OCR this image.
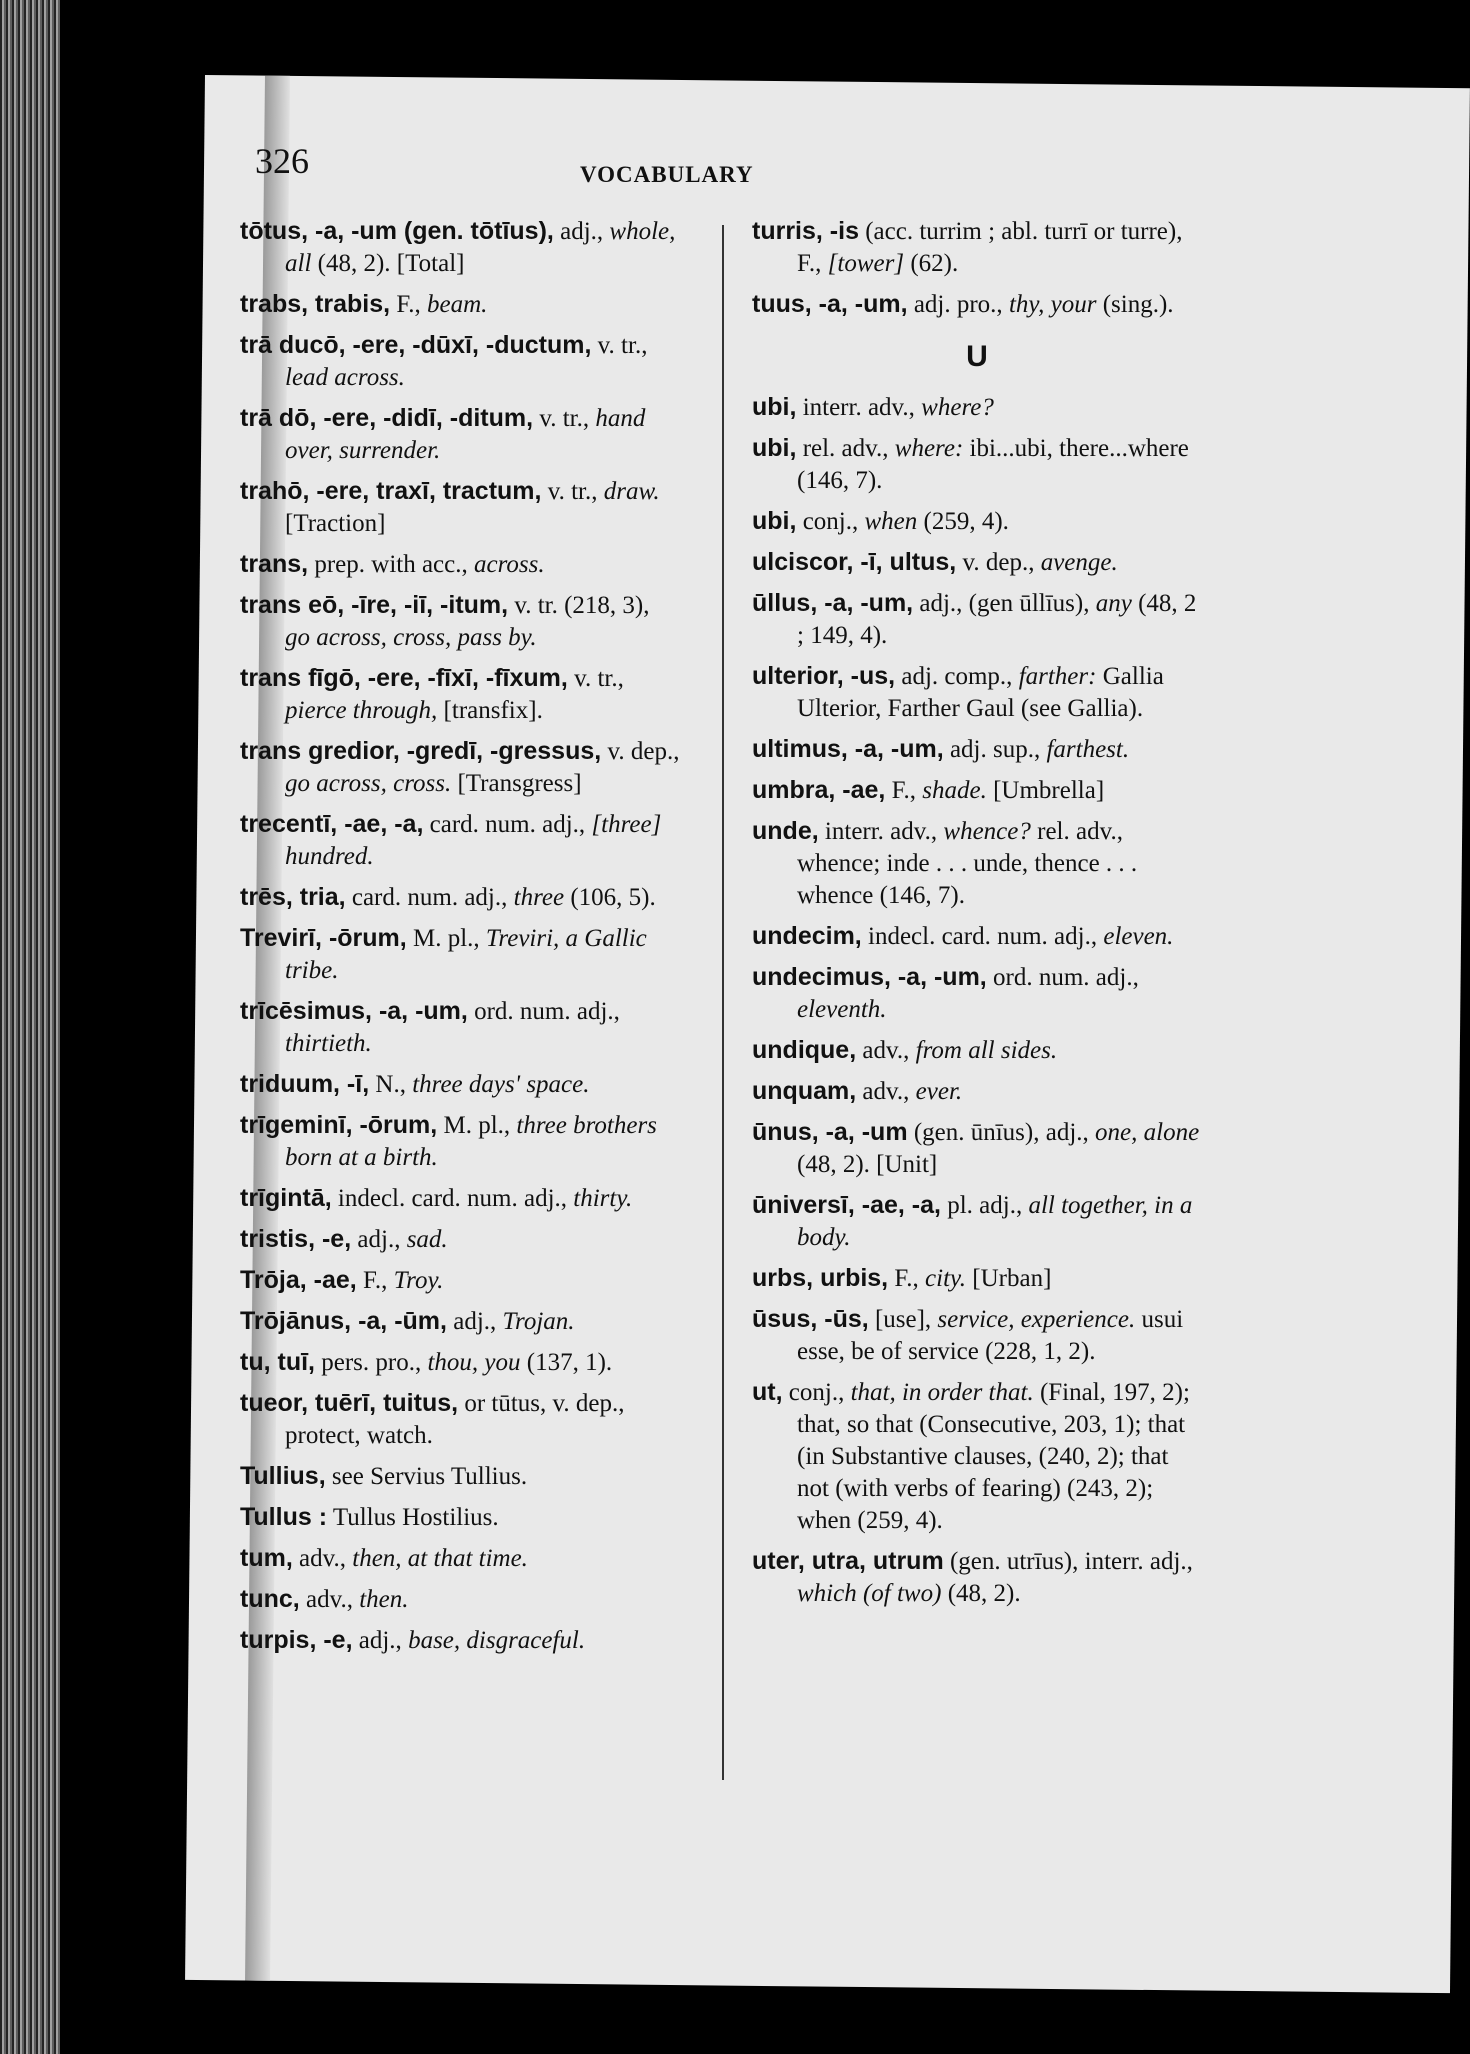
326	VOCABULARY
tōtus, -a, -um (gen. tōtīus), adj., whole, all (48, 2). [Total]
trabs, trabis, F., beam.
trā ducō, -ere, -dūxī, -ductum, v. tr., lead across.
trā dō, -ere, -didī, -ditum, v. tr., hand over, surrender.
trahō, -ere, traxī, tractum, v. tr., draw. [Traction]
trans, prep. with acc., across.
trans eō, -īre, -iī, -itum, v. tr. (218, 3), go across, cross, pass by.
trans fīgō, -ere, -fīxī, -fīxum, v. tr., pierce through, [transfix].
trans gredior, -gredī, -gressus, v. dep., go across, cross. [Transgress]
trecentī, -ae, -a, card. num. adj., [three] hundred.
trēs, tria, card. num. adj., three (106, 5).
Trevirī, -ōrum, M. pl., Treviri, a Gallic tribe.
trīcēsimus, -a, -um, ord. num. adj., thirtieth.
triduum, -ī, N., three days' space.
trīgeminī, -ōrum, M. pl., three brothers born at a birth.
trīgintā, indecl. card. num. adj., thirty.
tristis, -e, adj., sad.
Trōja, -ae, F., Troy.
Trōjānus, -a, -ūm, adj., Trojan.
tu, tuī, pers. pro., thou, you (137, 1).
tueor, tuērī, tuitus, or tūtus, v. dep., protect, watch.
Tullius, see Servius Tullius.
Tullus : Tullus Hostilius.
tum, adv., then, at that time.
tunc, adv., then.
turpis, -e, adj., base, disgraceful.
turris, -is (acc. turrim ; abl. turrī or turre), F., [tower] (62).
tuus, -a, -um, adj. pro., thy, your (sing.).
U
ubi, interr. adv., where?
ubi, rel. adv., where: ibi...ubi, there...where (146, 7).
ubi, conj., when (259, 4).
ulciscor, -ī, ultus, v. dep., avenge.
ūllus, -a, -um, adj., (gen ūllīus), any (48, 2 ; 149, 4).
ulterior, -us, adj. comp., farther: Gallia Ulterior, Farther Gaul (see Gallia).
ultimus, -a, -um, adj. sup., farthest.
umbra, -ae, F., shade. [Umbrella]
unde, interr. adv., whence? rel. adv., whence; inde . . . unde, thence . . . whence (146, 7).
undecim, indecl. card. num. adj., eleven.
undecimus, -a, -um, ord. num. adj., eleventh.
undique, adv., from all sides.
unquam, adv., ever.
ūnus, -a, -um (gen. ūnīus), adj., one, alone (48, 2). [Unit]
ūniversī, -ae, -a, pl. adj., all together, in a body.
urbs, urbis, F., city. [Urban]
ūsus, -ūs, [use], service, experience. usui esse, be of service (228, 1, 2).
ut, conj., that, in order that. (Final, 197, 2); that, so that (Consecutive, 203, 1); that (in Substantive clauses, (240, 2); that not (with verbs of fearing) (243, 2); when (259, 4).
uter, utra, utrum (gen. utrīus), interr. adj., which (of two) (48, 2).
